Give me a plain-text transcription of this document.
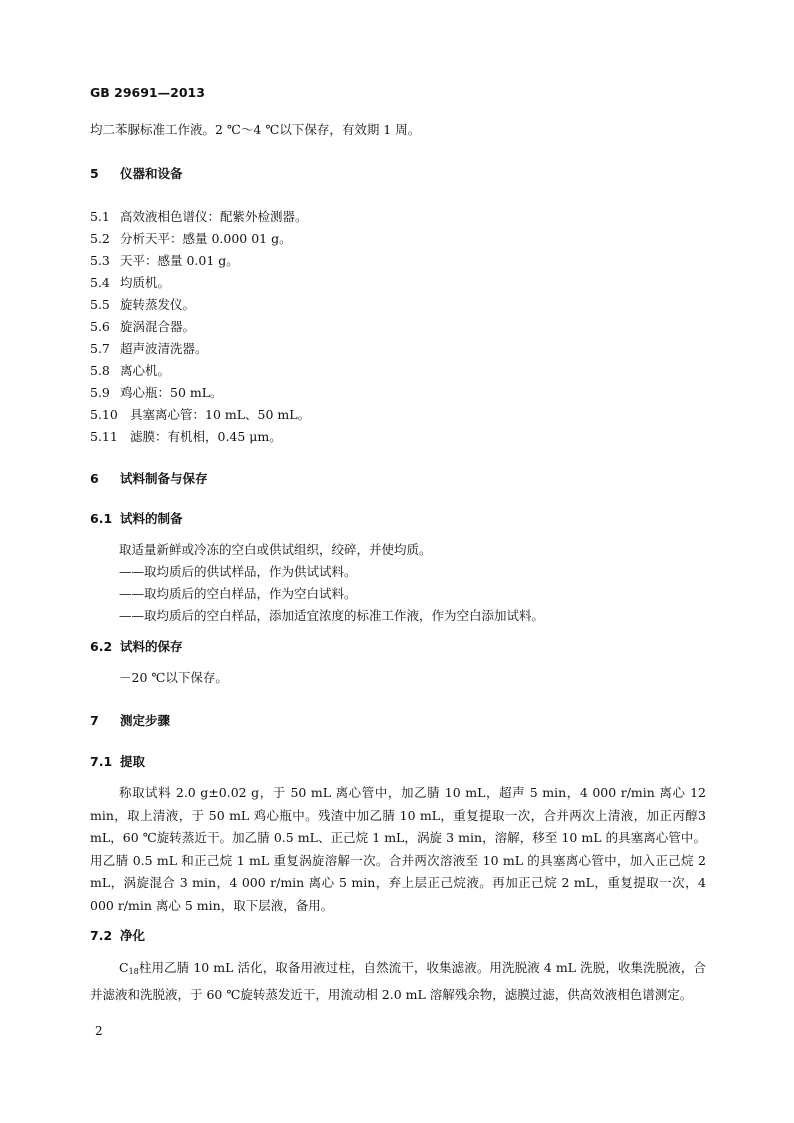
GB 29691—2013
均二苯脲标准工作液。2 ℃～4 ℃以下保存，有效期 1 周。
5 仪器和设备
5.1 高效液相色谱仪：配紫外检测器。
5.2 分析天平：感量 0.000 01 g。
5.3 天平：感量 0.01 g。
5.4 均质机。
5.5 旋转蒸发仪。
5.6 旋涡混合器。
5.7 超声波清洗器。
5.8 离心机。
5.9 鸡心瓶：50 mL。
5.10 具塞离心管：10 mL、50 mL。
5.11 滤膜：有机相，0.45 μm。
6 试料制备与保存
6.1 试料的制备
取适量新鲜或冷冻的空白或供试组织，绞碎，并使均质。
——取均质后的供试样品，作为供试试料。
——取均质后的空白样品，作为空白试料。
——取均质后的空白样品，添加适宜浓度的标准工作液，作为空白添加试料。
6.2 试料的保存
－20 ℃以下保存。
7 测定步骤
7.1 提取

称取试料 2.0 g±0.02 g，于 50 mL 离心管中，加乙腈 10 mL，超声 5 min，4 000 r/min 离心 12 min，取上清液，于 50 mL 鸡心瓶中。残渣中加乙腈 10 mL，重复提取一次，合并两次上清液，加正丙醇3 mL，60 ℃旋转蒸近干。加乙腈 0.5 mL、正己烷 1 mL，涡旋 3 min，溶解，移至 10 mL 的具塞离心管中。用乙腈 0.5 mL 和正己烷 1 mL 重复涡旋溶解一次。合并两次溶液至 10 mL 的具塞离心管中，加入正己烷 2 mL，涡旋混合 3 min，4 000 r/min 离心 5 min，弃上层正己烷液。再加正己烷 2 mL，重复提取一次，4 000 r/min 离心 5 min，取下层液，备用。

7.2 净化

$C_{18}$柱用乙腈 10 mL 活化，取备用液过柱，自然流干，收集滤液。用洗脱液 4 mL 洗脱，收集洗脱液，合并滤液和洗脱液，于 60 ℃旋转蒸发近干，用流动相 2.0 mL 溶解残余物，滤膜过滤，供高效液相色谱测定。

2
